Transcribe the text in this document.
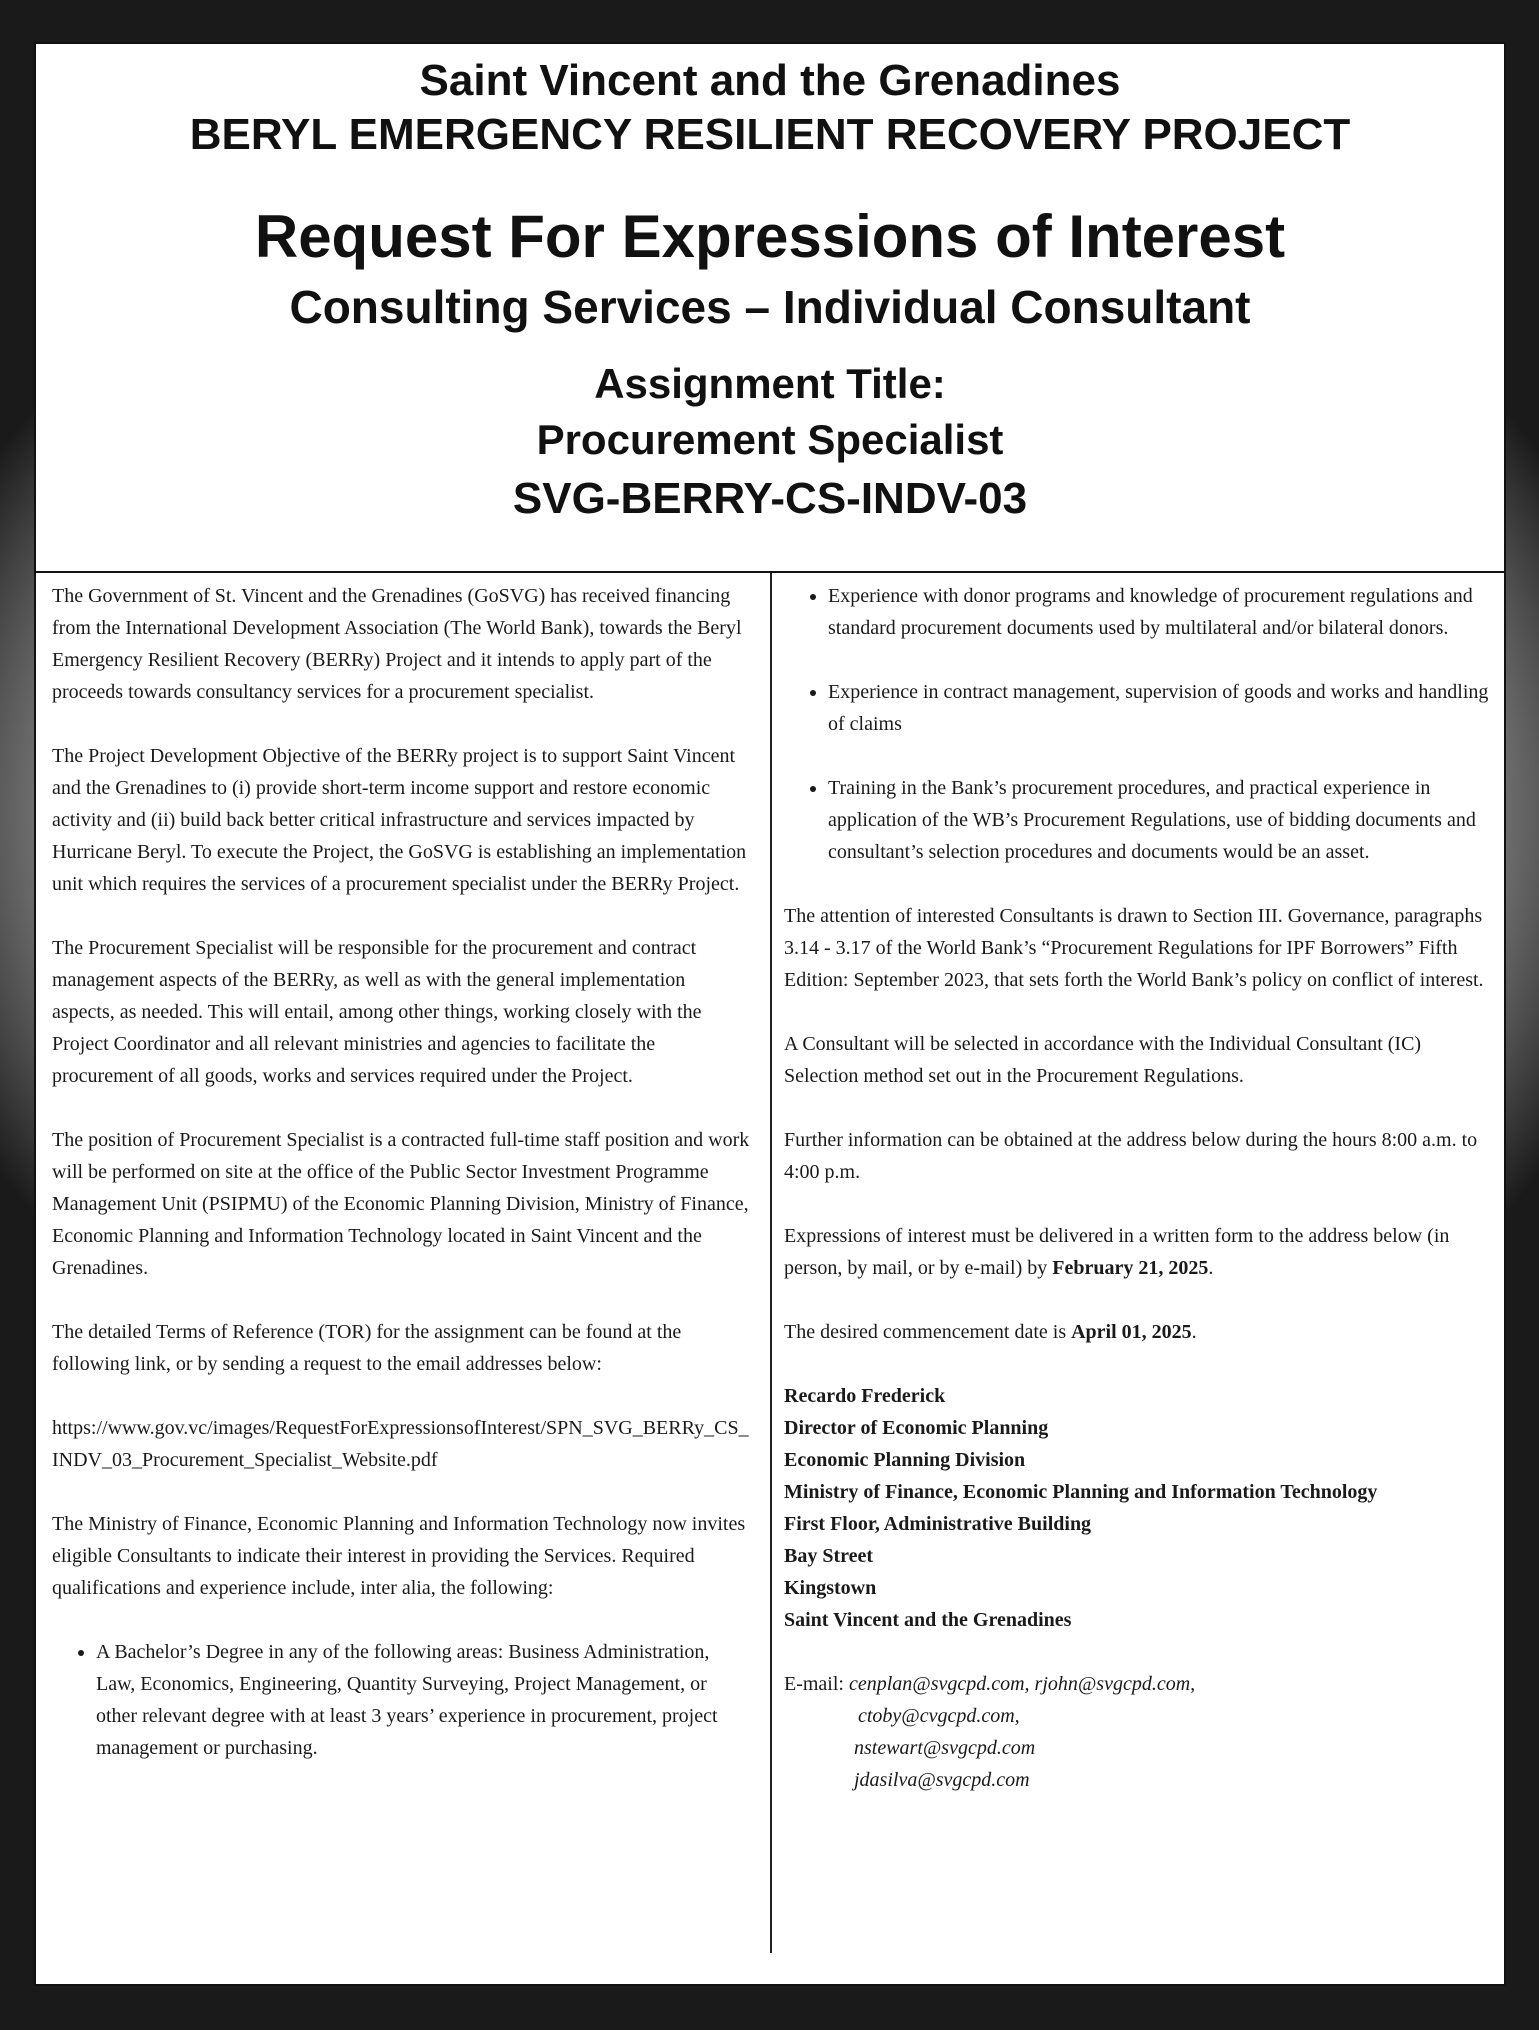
Saint Vincent and the Grenadines
BERYL EMERGENCY RESILIENT RECOVERY PROJECT
Request For Expressions of Interest
Consulting Services – Individual Consultant
Assignment Title:
Procurement Specialist
SVG-BERRY-CS-INDV-03

The Government of St. Vincent and the Grenadines (GoSVG) has received financing from the International Development Association (The World Bank), towards the Beryl Emergency Resilient Recovery (BERRy) Project and it intends to apply part of the proceeds towards consultancy services for a procurement specialist.

The Project Development Objective of the BERRy project is to support Saint Vincent and the Grenadines to (i) provide short-term income support and restore economic activity and (ii) build back better critical infrastructure and services impacted by Hurricane Beryl. To execute the Project, the GoSVG is establishing an implementation unit which requires the services of a procurement specialist under the BERRy Project.

The Procurement Specialist will be responsible for the procurement and contract management aspects of the BERRy, as well as with the general implementation aspects, as needed. This will entail, among other things, working closely with the Project Coordinator and all relevant ministries and agencies to facilitate the procurement of all goods, works and services required under the Project.

The position of Procurement Specialist is a contracted full-time staff position and work will be performed on site at the office of the Public Sector Investment Programme Management Unit (PSIPMU) of the Economic Planning Division, Ministry of Finance, Economic Planning and Information Technology located in Saint Vincent and the Grenadines.

The detailed Terms of Reference (TOR) for the assignment can be found at the following link, or by sending a request to the email addresses below:

https://www.gov.vc/images/RequestForExpressionsofInterest/SPN_SVG_BERRy_CS_INDV_03_Procurement_Specialist_Website.pdf

The Ministry of Finance, Economic Planning and Information Technology now invites eligible Consultants to indicate their interest in providing the Services. Required qualifications and experience include, inter alia, the following:

• A Bachelor’s Degree in any of the following areas: Business Administration, Law, Economics, Engineering, Quantity Surveying, Project Management, or other relevant degree with at least 3 years’ experience in procurement, project management or purchasing.
• Experience with donor programs and knowledge of procurement regulations and standard procurement documents used by multilateral and/or bilateral donors.
• Experience in contract management, supervision of goods and works and handling of claims
• Training in the Bank’s procurement procedures, and practical experience in application of the WB’s Procurement Regulations, use of bidding documents and consultant’s selection procedures and documents would be an asset.

The attention of interested Consultants is drawn to Section III. Governance, paragraphs 3.14 - 3.17 of the World Bank’s “Procurement Regulations for IPF Borrowers” Fifth Edition: September 2023, that sets forth the World Bank’s policy on conflict of interest.

A Consultant will be selected in accordance with the Individual Consultant (IC) Selection method set out in the Procurement Regulations.

Further information can be obtained at the address below during the hours 8:00 a.m. to 4:00 p.m.

Expressions of interest must be delivered in a written form to the address below (in person, by mail, or by e-mail) by February 21, 2025.

The desired commencement date is April 01, 2025.

Recardo Frederick
Director of Economic Planning
Economic Planning Division
Ministry of Finance, Economic Planning and Information Technology
First Floor, Administrative Building
Bay Street
Kingstown
Saint Vincent and the Grenadines
E-mail: cenplan@svgcpd.com, rjohn@svgcpd.com,
ctoby@cvgcpd.com,
nstewart@svgcpd.com
jdasilva@svgcpd.com
